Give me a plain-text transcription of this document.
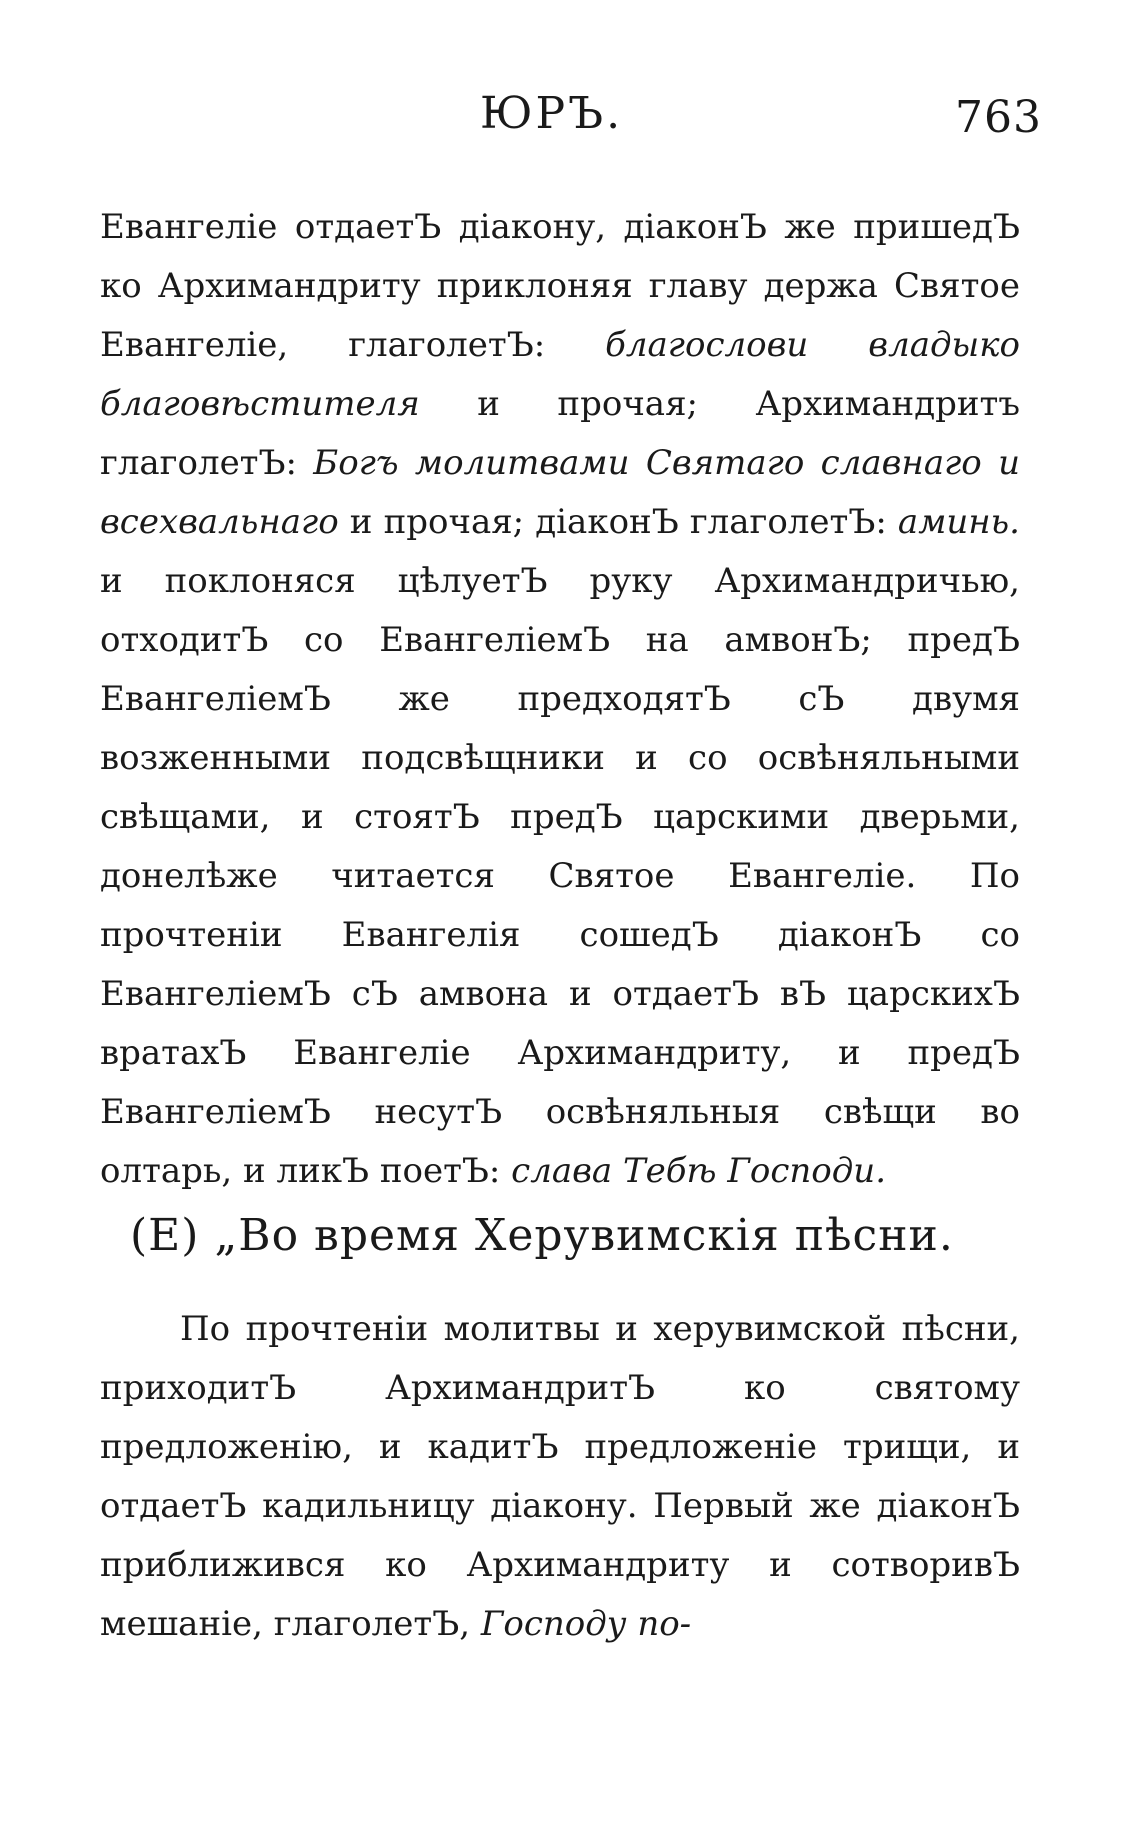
ЮРЪ.	763

Евангеліе отдаетЪ діакону, діаконЪ же пришедЪ ко Архимандриту приклоняя главу держа Святое Евангеліе, глаголетЪ: благослови владыко благовѣстителя и прочая; Архимандритъ глаголетЪ: Богъ молитвами Святаго славнаго и всехвальнаго и прочая; діаконЪ глаголетЪ: аминь. и поклоняся цѣлуетЪ руку Архимандричью, отходитЪ со ЕвангеліемЪ на амвонЪ; предЪ ЕвангеліемЪ же предходятЪ сЪ двумя возженными подсвѣщники и со освѣняльными свѣщами, и стоятЪ предЪ царскими дверьми, донелѣже читается Святое Евангеліе. По прочтеніи Евангелія сошедЪ діаконЪ со ЕвангеліемЪ сЪ амвона и отдаетЪ вЪ царскихЪ вратахЪ Евангеліе Архимандриту, и предЪ ЕвангеліемЪ несутЪ освѣняльныя свѣщи во олтарь, и ликЪ поетЪ: слава Тебѣ Господи.

(Е) „Во время Херувимскія пѣсни.

По прочтеніи молитвы и херувимской пѣсни, приходитЪ АрхимандритЪ ко святому предложенію, и кадитЪ предложеніе трищи, и отдаетЪ кадильницу діакону. Первый же діаконЪ приближився ко Архимандриту и сотворивЪ мешаніе, глаголетЪ, Господу по-
